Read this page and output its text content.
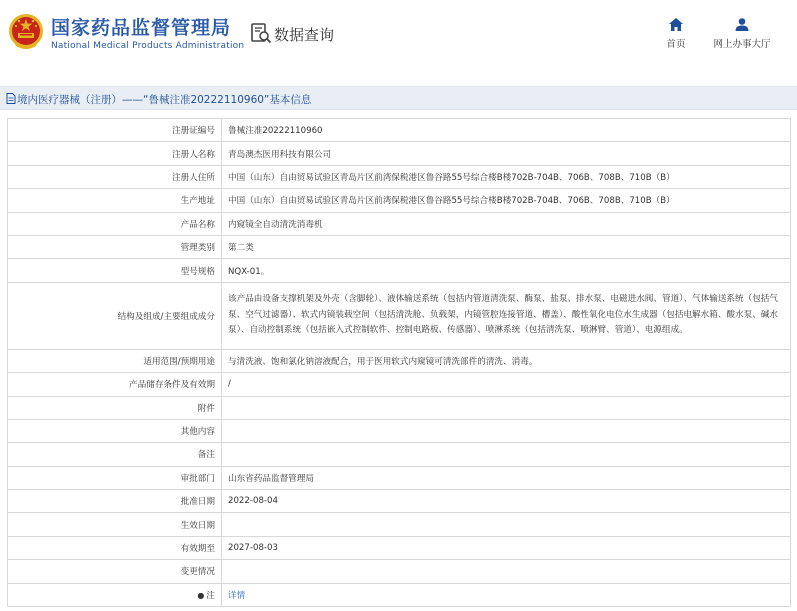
国家药品监督管理局
National Medical Products Administration
数据查询
首页	网上办事大厅
境内医疗器械（注册）——“鲁械注准20222110960”基本信息
注册证编号	鲁械注准20222110960
注册人名称	青岛澳杰医用科技有限公司
注册人住所	中国（山东）自由贸易试验区青岛片区前湾保税港区鲁谷路55号综合楼B楼702B-704B、706B、708B、710B（B）
生产地址	中国（山东）自由贸易试验区青岛片区前湾保税港区鲁谷路55号综合楼B楼702B-704B、706B、708B、710B（B）
产品名称	内窥镜全自动清洗消毒机
管理类别	第二类
型号规格	NQX-01。
结构及组成/主要组成成分	该产品由设备支撑机架及外壳（含脚轮）、液体输送系统（包括内管道清洗泵、酶泵、盐泵、排水泵、电磁进水阀、管道）、气体输送系统（包括气泵、空气过滤器）、软式内镜装载空间（包括清洗舱、负载架，内镜管腔连接管道、槽盖）、酸性氧化电位水生成器（包括电解水箱、酸水泵、碱水泵）、自动控制系统（包括嵌入式控制软件、控制电路板、传感器）、喷淋系统（包括清洗泵、喷淋臂、管道）、电源组成。
适用范围/预期用途	与清洗液、饱和氯化钠溶液配合，用于医用软式内窥镜可清洗部件的清洗、消毒。
产品储存条件及有效期	/
附件	
其他内容	
备注	
审批部门	山东省药品监督管理局
批准日期	2022-08-04
生效日期	
有效期至	2027-08-03
变更情况	
● 注	详情
